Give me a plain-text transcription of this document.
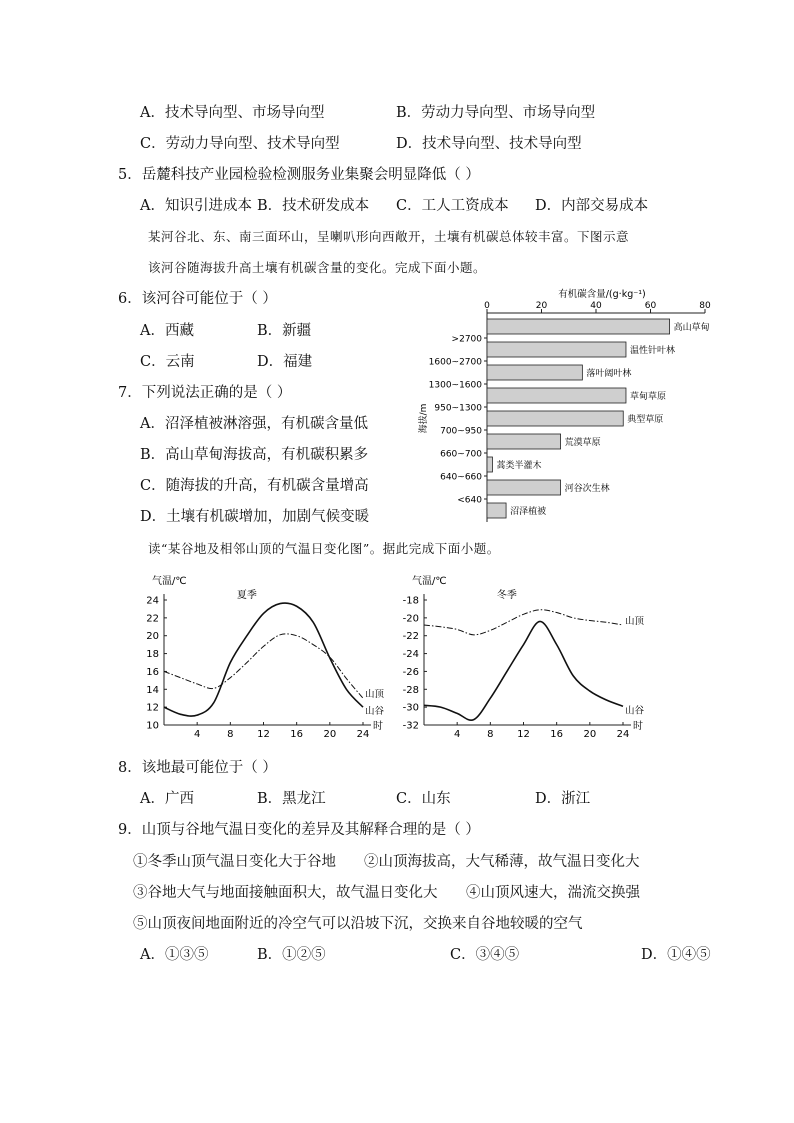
A．技术导向型、市场导向型	B．劳动力导向型、市场导向型
C．劳动力导向型、技术导向型	D．技术导向型、技术导向型
5．岳麓科技产业园检验检测服务业集聚会明显降低（ ）
A．知识引进成本 B．技术研发成本 C．工人工资成本 D．内部交易成本
某河谷北、东、南三面环山，呈喇叭形向西敞开，土壤有机碳总体较丰富。下图示意
该河谷随海拔升高土壤有机碳含量的变化。完成下面小题。
6．该河谷可能位于（ ）
A．西藏	B．新疆
C．云南	D．福建
7．下列说法正确的是（ ）
A．沼泽植被淋溶强，有机碳含量低
B．高山草甸海拔高，有机碳积累多
C．随海拔的升高，有机碳含量增高
D．土壤有机碳增加，加剧气候变暖
有机碳含量/(g·kg⁻¹)
0	20	40	60	80
高山草甸
温性针叶林
落叶阔叶林
草甸草原
典型草原
荒漠草原
蒿类半灌木
河谷次生林
沼泽植被
>2700
1600~2700
1300~1600
950~1300
700~950
660~700
640~660
<640
海拔/m
读“某谷地及相邻山顶的气温日变化图”。据此完成下面小题。
气温/℃
夏季
24
22
20
18
16
14
12
10
4	8 12 16 20 24
时
山顶
山谷
气温/℃
冬季
-18
-20
-22
-24
-26
-28
-30
-32
4	8 12 16 20 24
时
山顶
山谷
8．该地最可能位于（ ）
A．广西	B．黑龙江	C．山东	D．浙江
9．山顶与谷地气温日变化的差异及其解释合理的是（ ）
①冬季山顶气温日变化大于谷地 ②山顶海拔高，大气稀薄，故气温日变化大
③谷地大气与地面接触面积大，故气温日变化大 ④山顶风速大，湍流交换强
⑤山顶夜间地面附近的冷空气可以沿坡下沉，交换来自谷地较暖的空气
A．①③⑤	B．①②⑤	C．③④⑤	D．①④⑤
